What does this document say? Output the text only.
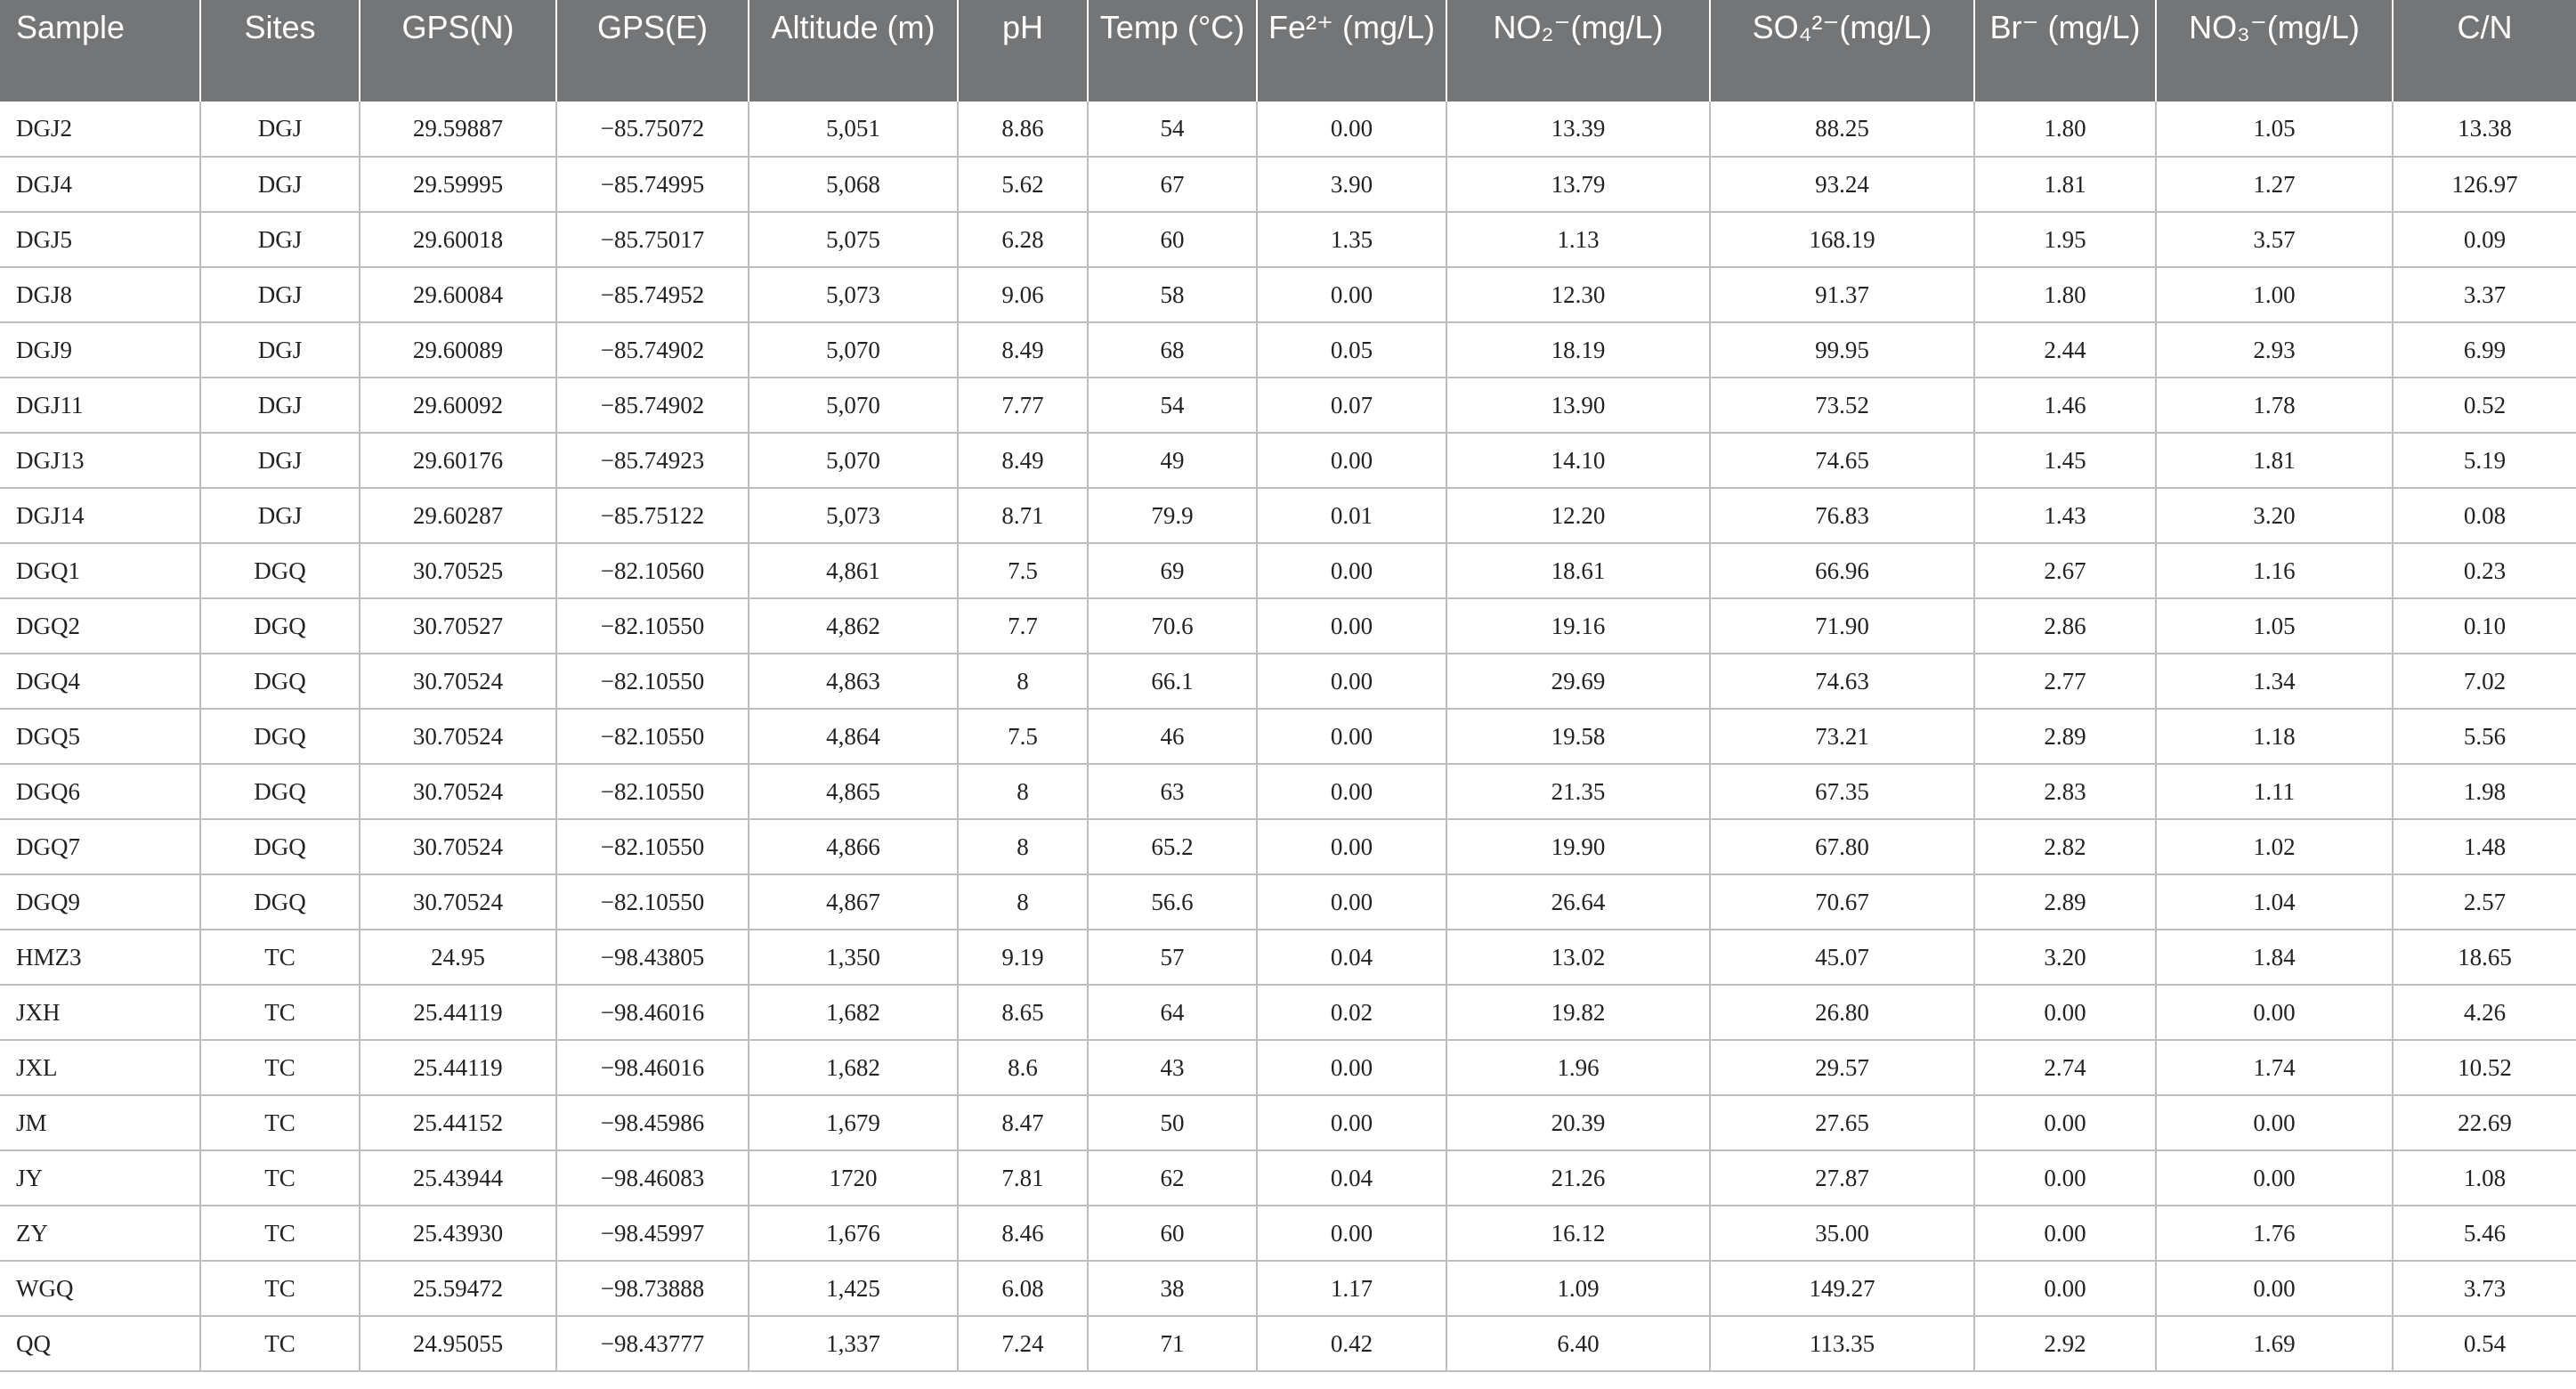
Sample	Sites	GPS(N)	GPS(E)	Altitude (m)	pH	Temp (°C)	Fe²⁺ (mg/L)	NO₂⁻(mg/L)	SO₄²⁻(mg/L)	Br⁻ (mg/L)	NO₃⁻(mg/L)	C/N
DGJ2	DGJ	29.59887	−85.75072	5,051	8.86	54	0.00	13.39	88.25	1.80	1.05	13.38
DGJ4	DGJ	29.59995	−85.74995	5,068	5.62	67	3.90	13.79	93.24	1.81	1.27	126.97
DGJ5	DGJ	29.60018	−85.75017	5,075	6.28	60	1.35	1.13	168.19	1.95	3.57	0.09
DGJ8	DGJ	29.60084	−85.74952	5,073	9.06	58	0.00	12.30	91.37	1.80	1.00	3.37
DGJ9	DGJ	29.60089	−85.74902	5,070	8.49	68	0.05	18.19	99.95	2.44	2.93	6.99
DGJ11	DGJ	29.60092	−85.74902	5,070	7.77	54	0.07	13.90	73.52	1.46	1.78	0.52
DGJ13	DGJ	29.60176	−85.74923	5,070	8.49	49	0.00	14.10	74.65	1.45	1.81	5.19
DGJ14	DGJ	29.60287	−85.75122	5,073	8.71	79.9	0.01	12.20	76.83	1.43	3.20	0.08
DGQ1	DGQ	30.70525	−82.10560	4,861	7.5	69	0.00	18.61	66.96	2.67	1.16	0.23
DGQ2	DGQ	30.70527	−82.10550	4,862	7.7	70.6	0.00	19.16	71.90	2.86	1.05	0.10
DGQ4	DGQ	30.70524	−82.10550	4,863	8	66.1	0.00	29.69	74.63	2.77	1.34	7.02
DGQ5	DGQ	30.70524	−82.10550	4,864	7.5	46	0.00	19.58	73.21	2.89	1.18	5.56
DGQ6	DGQ	30.70524	−82.10550	4,865	8	63	0.00	21.35	67.35	2.83	1.11	1.98
DGQ7	DGQ	30.70524	−82.10550	4,866	8	65.2	0.00	19.90	67.80	2.82	1.02	1.48
DGQ9	DGQ	30.70524	−82.10550	4,867	8	56.6	0.00	26.64	70.67	2.89	1.04	2.57
HMZ3	TC	24.95	−98.43805	1,350	9.19	57	0.04	13.02	45.07	3.20	1.84	18.65
JXH	TC	25.44119	−98.46016	1,682	8.65	64	0.02	19.82	26.80	0.00	0.00	4.26
JXL	TC	25.44119	−98.46016	1,682	8.6	43	0.00	1.96	29.57	2.74	1.74	10.52
JM	TC	25.44152	−98.45986	1,679	8.47	50	0.00	20.39	27.65	0.00	0.00	22.69
JY	TC	25.43944	−98.46083	1720	7.81	62	0.04	21.26	27.87	0.00	0.00	1.08
ZY	TC	25.43930	−98.45997	1,676	8.46	60	0.00	16.12	35.00	0.00	1.76	5.46
WGQ	TC	25.59472	−98.73888	1,425	6.08	38	1.17	1.09	149.27	0.00	0.00	3.73
QQ	TC	24.95055	−98.43777	1,337	7.24	71	0.42	6.40	113.35	2.92	1.69	0.54
